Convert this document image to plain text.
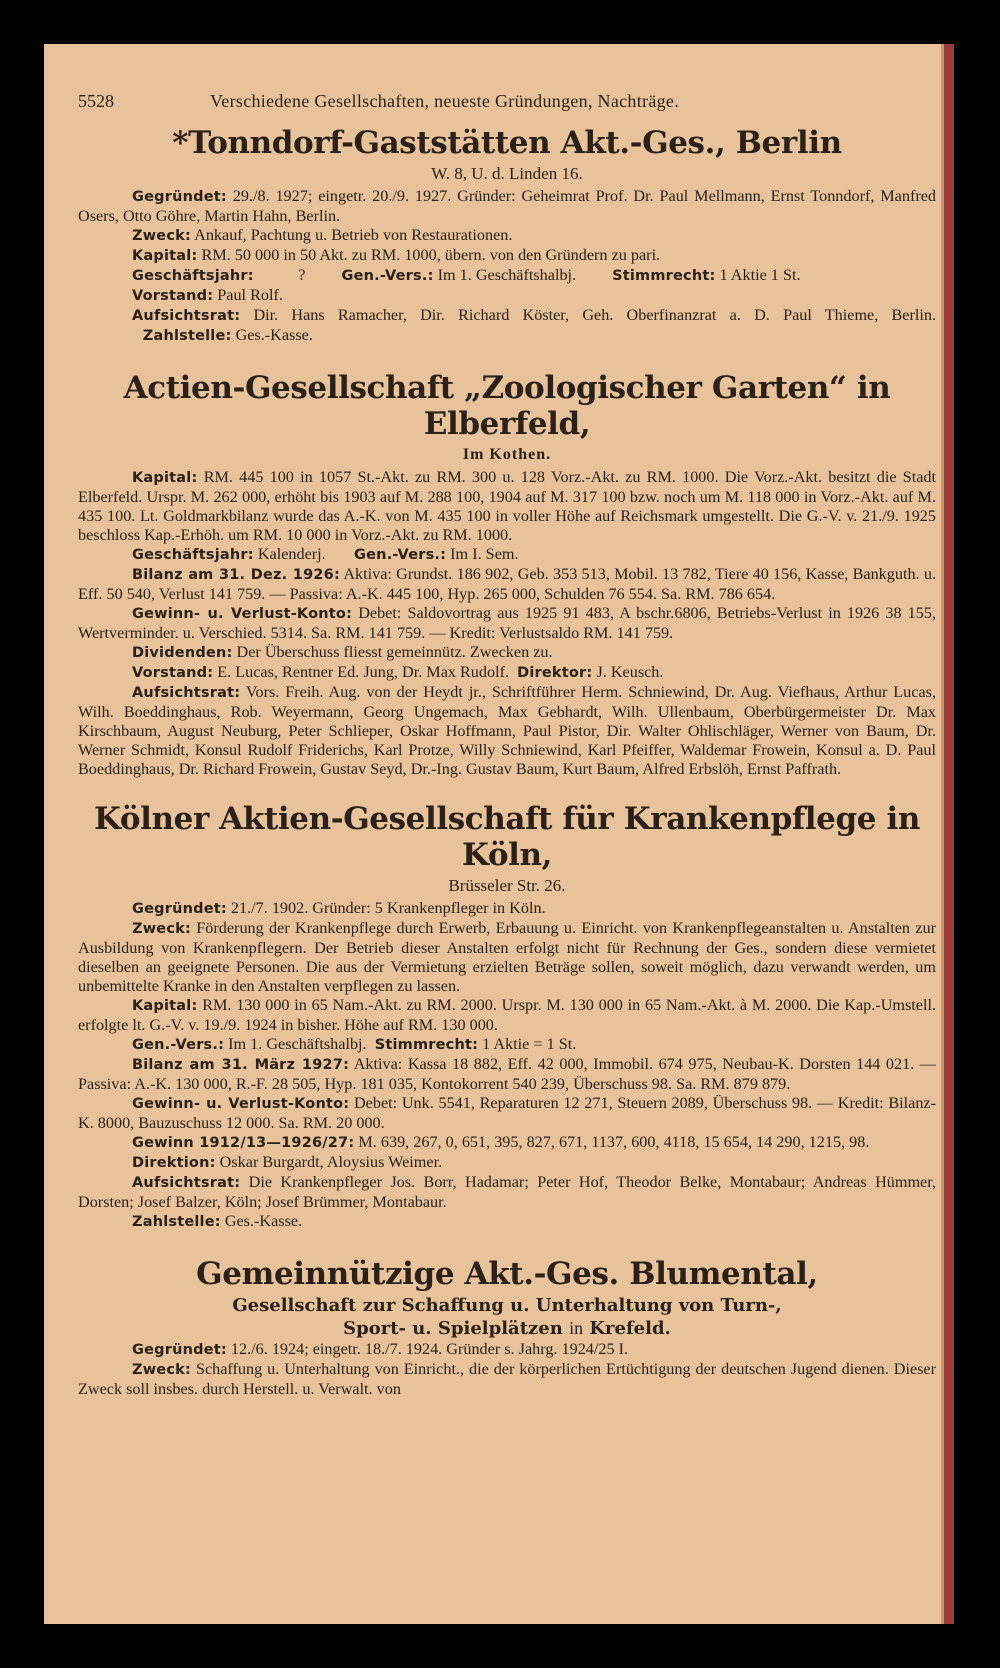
5528	Verschiedene Gesellschaften, neueste Gründungen, Nachträge.
*Tonndorf-Gaststätten Akt.-Ges., Berlin
W. 8, U. d. Linden 16.

Gegründet: 29./8. 1927; eingetr. 20./9. 1927. Gründer: Geheimrat Prof. Dr. Paul Mellmann, Ernst Tonndorf, Manfred Osers, Otto Göhre, Martin Hahn, Berlin.

Zweck: Ankauf, Pachtung u. Betrieb von Restaurationen.

Kapital: RM. 50 000 in 50 Akt. zu RM. 1000, übern. von den Gründern zu pari.

Geschäftsjahr:	? Gen.-Vers.: Im 1. Geschäftshalbj. Stimmrecht: 1 Aktie 1 St.

Vorstand: Paul Rolf.

Aufsichtsrat: Dir. Hans Ramacher, Dir. Richard Köster, Geh. Oberfinanzrat a. D. Paul Thieme, Berlin.                 Zahlstelle: Ges.-Kasse.

Actien-Gesellschaft „Zoologischer Garten“ in Elberfeld,
Im Kothen.

Kapital: RM. 445 100 in 1057 St.-Akt. zu RM. 300 u. 128 Vorz.-Akt. zu RM. 1000. Die Vorz.-Akt. besitzt die Stadt Elberfeld. Urspr. M. 262 000, erhöht bis 1903 auf M. 288 100, 1904 auf M. 317 100 bzw. noch um M. 118 000 in Vorz.-Akt. auf M. 435 100. Lt. Goldmarkbilanz wurde das A.-K. von M. 435 100 in voller Höhe auf Reichsmark umgestellt. Die G.-V. v. 21./9. 1925 beschloss Kap.-Erhöh. um RM. 10 000 in Vorz.-Akt. zu RM. 1000.

Geschäftsjahr: Kalenderj. Gen.-Vers.: Im I. Sem.

Bilanz am 31. Dez. 1926: Aktiva: Grundst. 186 902, Geb. 353 513, Mobil. 13 782, Tiere 40 156, Kasse, Bankguth. u. Eff. 50 540, Verlust 141 759. — Passiva: A.-K. 445 100, Hyp. 265 000, Schulden 76 554. Sa. RM. 786 654.

Gewinn- u. Verlust-Konto: Debet: Saldovortrag aus 1925 91 483, A bschr.6806, Betriebs-Verlust in 1926 38 155, Wertverminder. u. Verschied. 5314. Sa. RM. 141 759. — Kredit: Verlustsaldo RM. 141 759.

Dividenden: Der Überschuss fliesst gemeinnütz. Zwecken zu.

Vorstand: E. Lucas, Rentner Ed. Jung, Dr. Max Rudolf. Direktor: J. Keusch.

Aufsichtsrat: Vors. Freih. Aug. von der Heydt jr., Schriftführer Herm. Schniewind, Dr. Aug. Viefhaus, Arthur Lucas, Wilh. Boeddinghaus, Rob. Weyermann, Georg Ungemach, Max Gebhardt, Wilh. Ullenbaum, Oberbürgermeister Dr. Max Kirschbaum, August Neuburg, Peter Schlieper, Oskar Hoffmann, Paul Pistor, Dir. Walter Ohlischläger, Werner von Baum, Dr. Werner Schmidt, Konsul Rudolf Friderichs, Karl Protze, Willy Schniewind, Karl Pfeiffer, Waldemar Frowein, Konsul a. D. Paul Boeddinghaus, Dr. Richard Frowein, Gustav Seyd, Dr.-Ing. Gustav Baum, Kurt Baum, Alfred Erbslöh, Ernst Paffrath.

Kölner Aktien-Gesellschaft für Krankenpflege in Köln,
Brüsseler Str. 26.

Gegründet: 21./7. 1902. Gründer: 5 Krankenpfleger in Köln.

Zweck: Förderung der Krankenpflege durch Erwerb, Erbauung u. Einricht. von Krankenpflegeanstalten u. Anstalten zur Ausbildung von Krankenpflegern. Der Betrieb dieser Anstalten erfolgt nicht für Rechnung der Ges., sondern diese vermietet dieselben an geeignete Personen. Die aus der Vermietung erzielten Beträge sollen, soweit möglich, dazu verwandt werden, um unbemittelte Kranke in den Anstalten verpflegen zu lassen.

Kapital: RM. 130 000 in 65 Nam.-Akt. zu RM. 2000. Urspr. M. 130 000 in 65 Nam.-Akt. à M. 2000. Die Kap.-Umstell. erfolgte lt. G.-V. v. 19./9. 1924 in bisher. Höhe auf RM. 130 000.

Gen.-Vers.: Im 1. Geschäftshalbj. Stimmrecht: 1 Aktie = 1 St.

Bilanz am 31. März 1927: Aktiva: Kassa 18 882, Eff. 42 000, Immobil. 674 975, Neubau-K. Dorsten 144 021. — Passiva: A.-K. 130 000, R.-F. 28 505, Hyp. 181 035, Kontokorrent 540 239, Überschuss 98. Sa. RM. 879 879.

Gewinn- u. Verlust-Konto: Debet: Unk. 5541, Reparaturen 12 271, Steuern 2089, Überschuss 98. — Kredit: Bilanz-K. 8000, Bauzuschuss 12 000. Sa. RM. 20 000.

Gewinn 1912/13—1926/27: M. 639, 267, 0, 651, 395, 827, 671, 1137, 600, 4118, 15 654, 14 290, 1215, 98.

Direktion: Oskar Burgardt, Aloysius Weimer.

Aufsichtsrat: Die Krankenpfleger Jos. Borr, Hadamar; Peter Hof, Theodor Belke, Montabaur; Andreas Hümmer, Dorsten; Josef Balzer, Köln; Josef Brümmer, Montabaur.

Zahlstelle: Ges.-Kasse.

Gemeinnützige Akt.-Ges. Blumental,
Gesellschaft zur Schaffung u. Unterhaltung von Turn-,
Sport- u. Spielplätzen in Krefeld.

Gegründet: 12./6. 1924; eingetr. 18./7. 1924. Gründer s. Jahrg. 1924/25 I.

Zweck: Schaffung u. Unterhaltung von Einricht., die der körperlichen Ertüchtigung der deutschen Jugend dienen. Dieser Zweck soll insbes. durch Herstell. u. Verwalt. von
